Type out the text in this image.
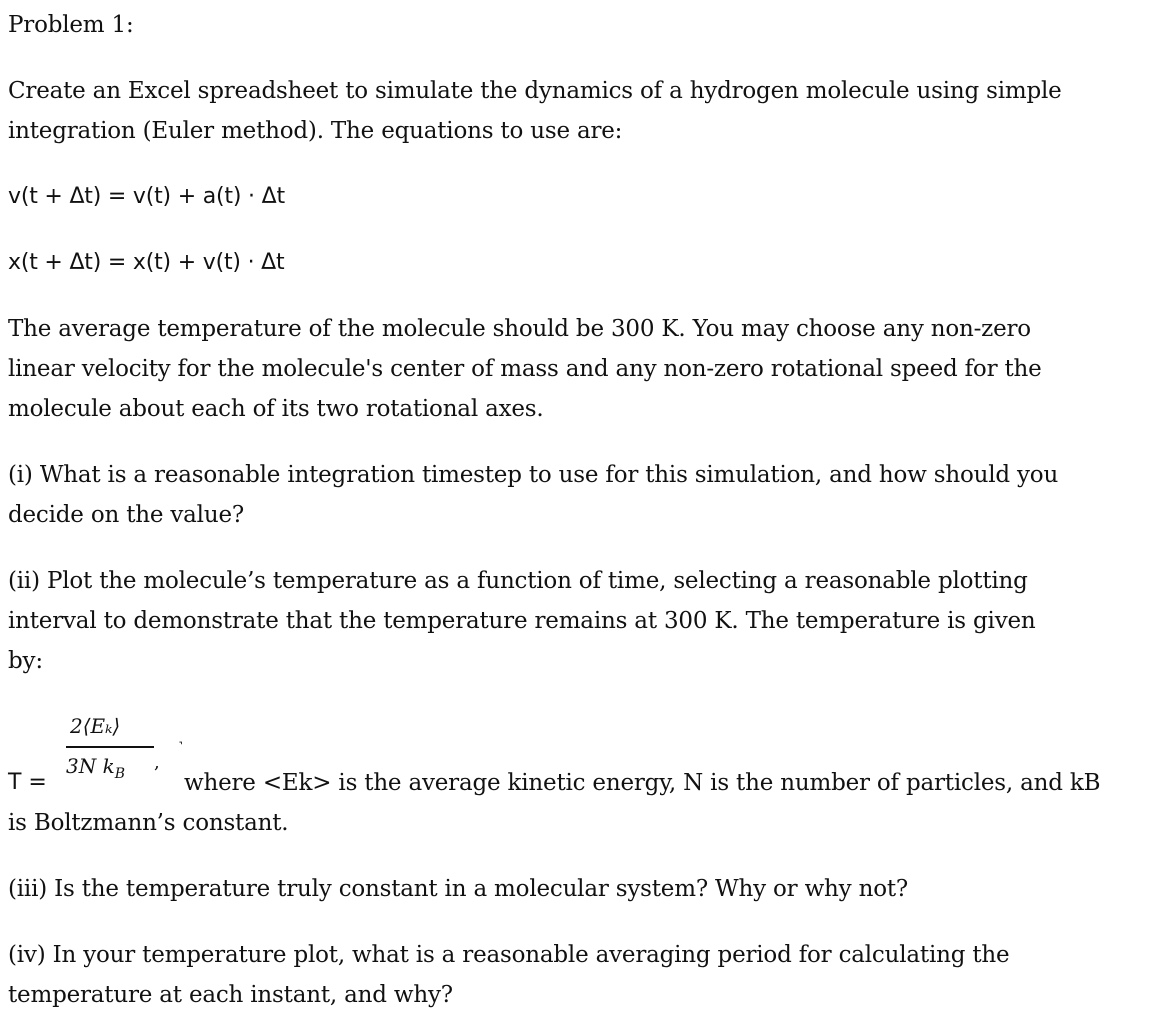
Problem 1:
Create an Excel spreadsheet to simulate the dynamics of a hydrogen molecule using simple
integration (Euler method). The equations to use are:
v(t + Δt) = v(t) + a(t) · Δt
x(t + Δt) = x(t) + v(t) · Δt
The average temperature of the molecule should be 300 K. You may choose any non-zero
linear velocity for the molecule's center of mass and any non-zero rotational speed for the
molecule about each of its two rotational axes.
(i) What is a reasonable integration timestep to use for this simulation, and how should you
decide on the value?
(ii) Plot the molecule’s temperature as a function of time, selecting a reasonable plotting
interval to demonstrate that the temperature remains at 300 K. The temperature is given
by:
T =
2⟨Eₖ⟩
3N $k_B$
,
˺
where <Ek> is the average kinetic energy, N is the number of particles, and kB
is Boltzmann’s constant.
(iii) Is the temperature truly constant in a molecular system? Why or why not?
(iv) In your temperature plot, what is a reasonable averaging period for calculating the
temperature at each instant, and why?
